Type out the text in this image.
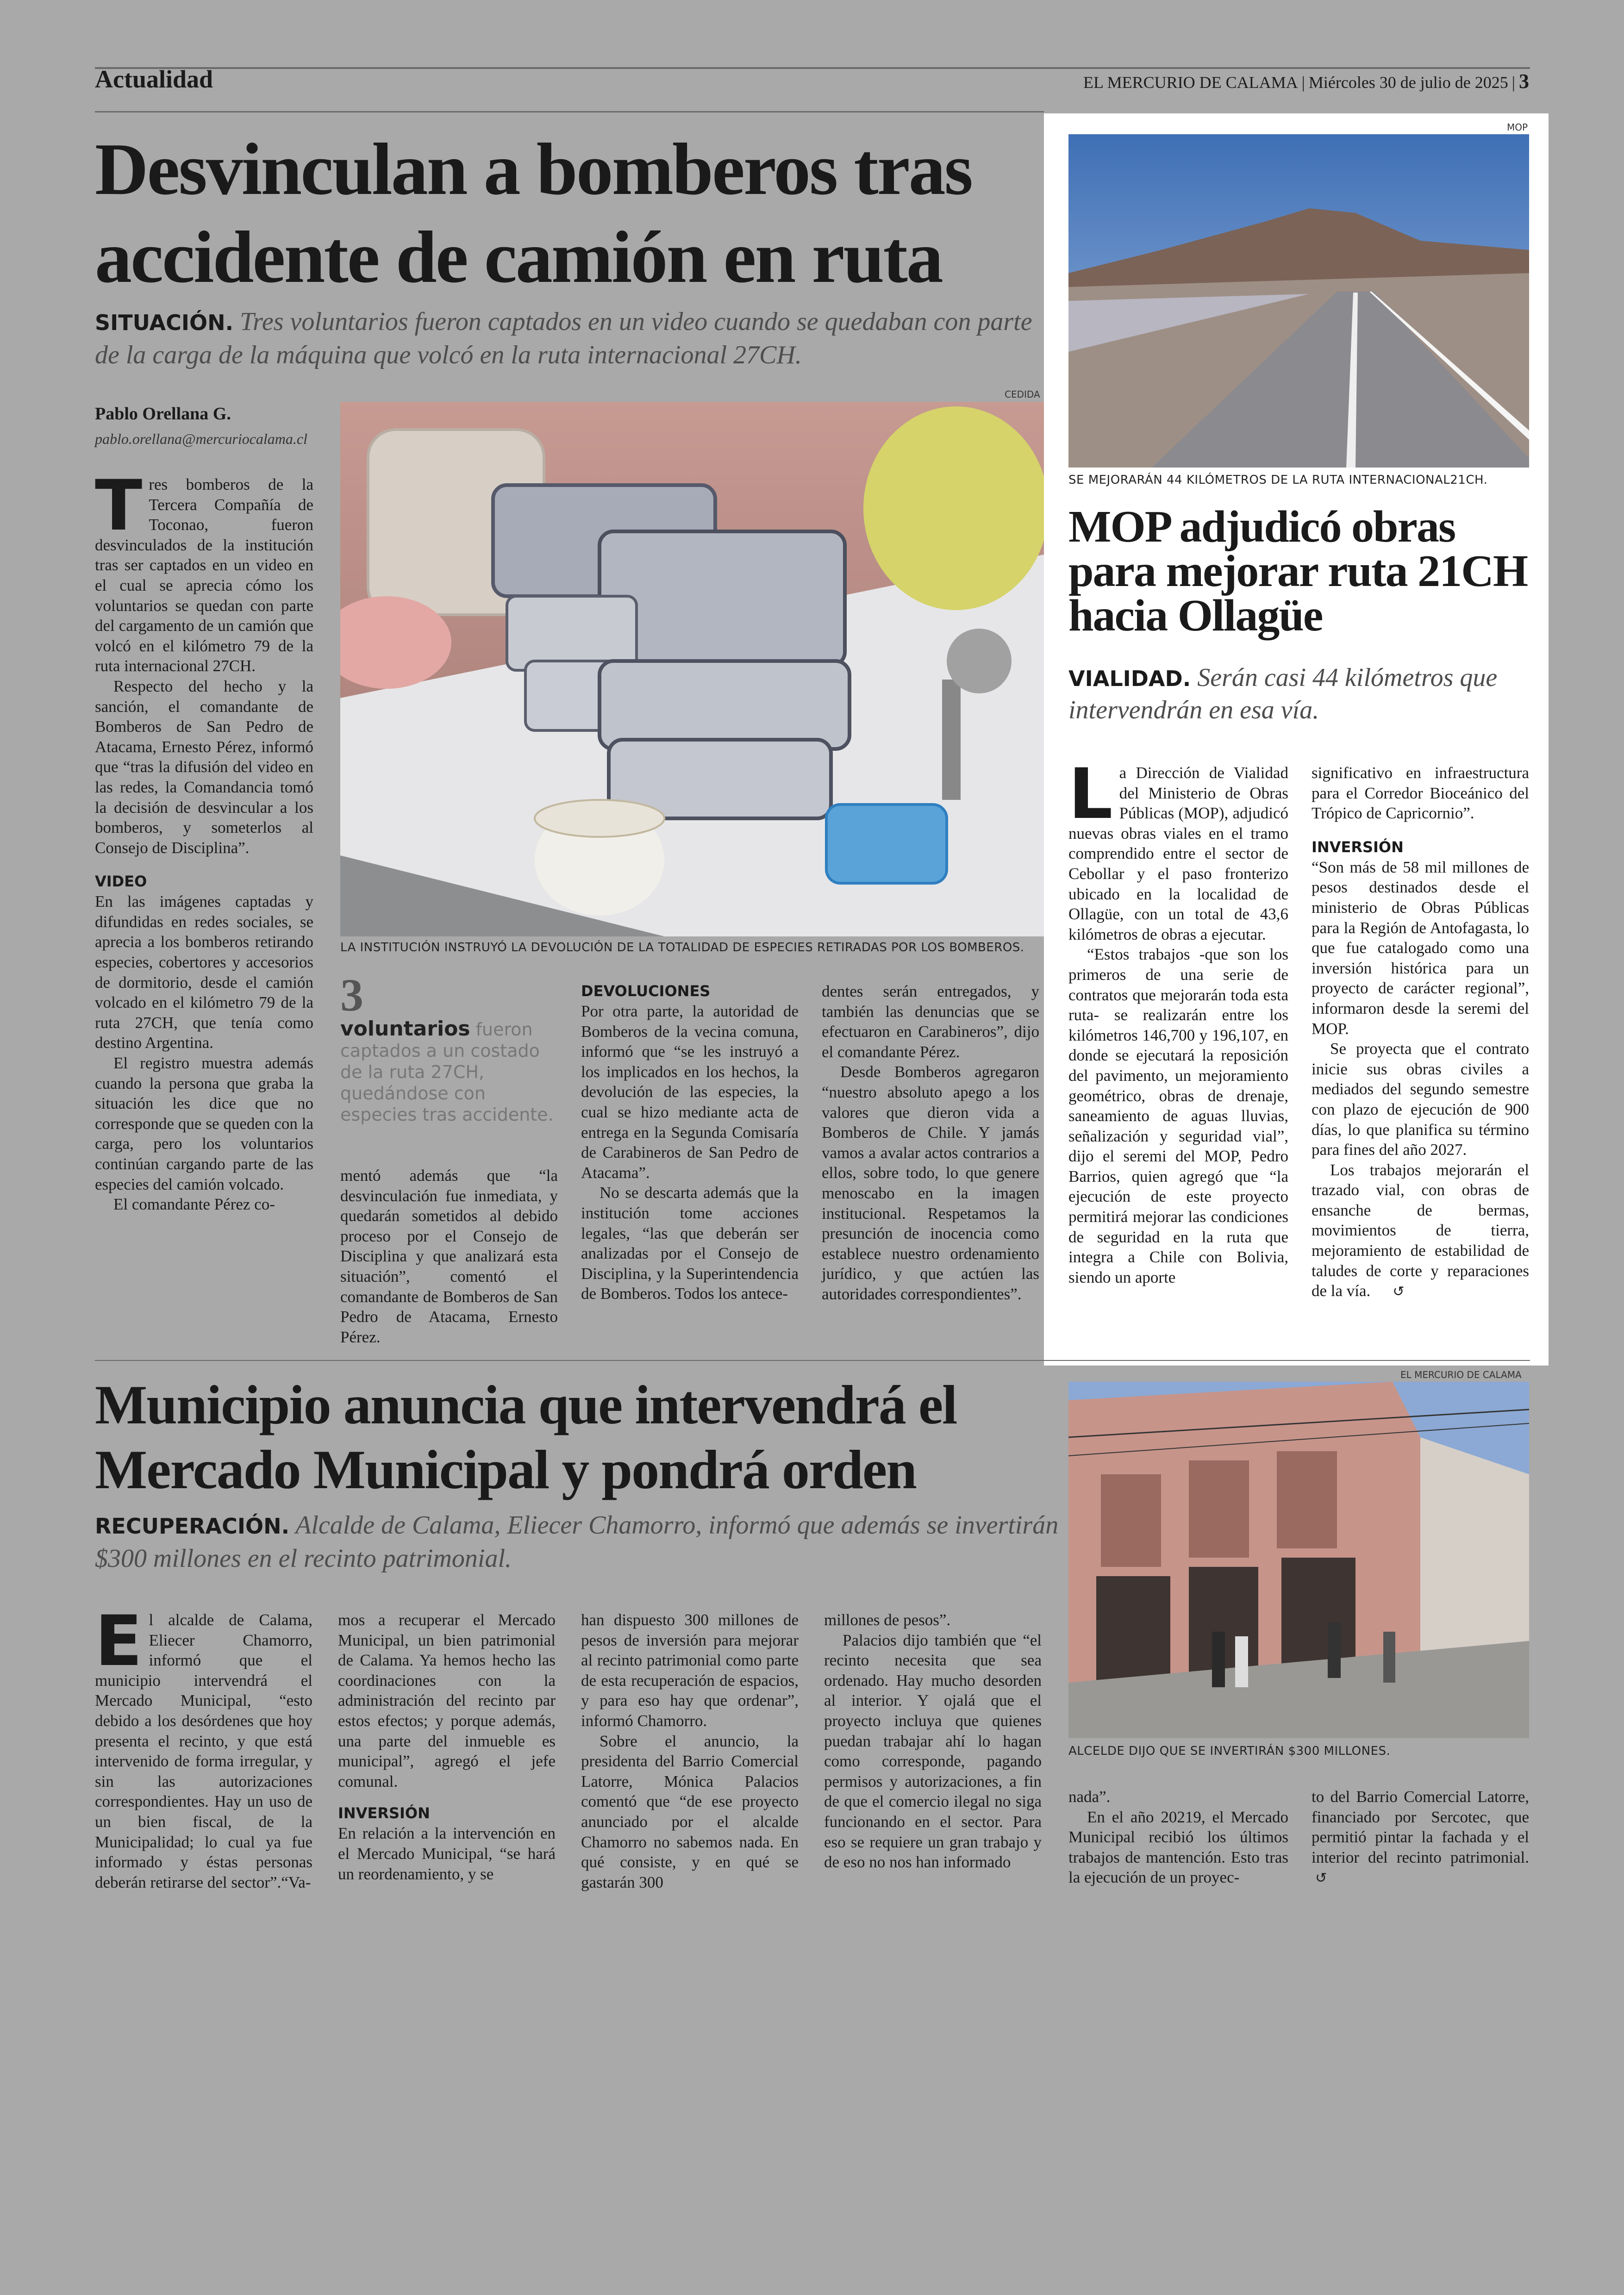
Actualidad	EL MERCURIO DE CALAMA | Miércoles 30 de julio de 2025 | 3
Desvinculan a bomberos tras
accidente de camión en ruta
SITUACIÓN. Tres voluntarios fueron captados en un video cuando se quedaban con parte de la carga de la máquina que volcó en la ruta internacional 27CH.
Pablo Orellana G.
pablo.orellana@mercuriocalama.cl
CEDIDA
LA INSTITUCIÓN INSTRUYÓ LA DEVOLUCIÓN DE LA TOTALIDAD DE ESPECIES RETIRADAS POR LOS BOMBEROS.

Tres bomberos de la Tercera Compañía de Toconao, fueron desvinculados de la institución tras ser captados en un video en el cual se aprecia cómo los voluntarios se quedan con parte del cargamento de un camión que volcó en el kilómetro 79 de la ruta internacional 27CH.

Respecto del hecho y la sanción, el comandante de Bomberos de San Pedro de Atacama, Ernesto Pérez, informó que “tras la difusión del video en las redes, la Comandancia tomó la decisión de desvincular a los bomberos, y someterlos al Consejo de Disciplina”.

VIDEO

En las imágenes captadas y difundidas en redes sociales, se aprecia a los bomberos retirando especies, cobertores y accesorios de dormitorio, desde el camión volcado en el kilómetro 79 de la ruta 27CH, que tenía como destino Argentina.

El registro muestra además cuando la persona que graba la situación les dice que no corresponde que se queden con la carga, pero los voluntarios continúan cargando parte de las especies del camión volcado.

El comandante Pérez co-

3
voluntarios fueron captados a un costado de la ruta 27CH, quedándose con especies tras accidente.

mentó además que “la desvinculación fue inmediata, y quedarán sometidos al debido proceso por el Consejo de Disciplina y que analizará esta situación”, comentó el comandante de Bomberos de San Pedro de Atacama, Ernesto Pérez.

DEVOLUCIONES

Por otra parte, la autoridad de Bomberos de la vecina comuna, informó que “se les instruyó a los implicados en los hechos, la devolución de las especies, la cual se hizo mediante acta de entrega en la Segunda Comisaría de Carabineros de San Pedro de Atacama”.

No se descarta además que la institución tome acciones legales, “las que deberán ser analizadas por el Consejo de Disciplina, y la Superintendencia de Bomberos. Todos los antece-

dentes serán entregados, y también las denuncias que se efectuaron en Carabineros”, dijo el comandante Pérez.

Desde Bomberos agregaron “nuestro absoluto apego a los valores que dieron vida a Bomberos de Chile. Y jamás vamos a avalar actos contrarios a ellos, sobre todo, lo que genere menoscabo en la imagen institucional. Respetamos la presunción de inocencia como establece nuestro ordenamiento jurídico, y que actúen las autoridades correspondientes”.

MOP
SE MEJORARÁN 44 KILÓMETROS DE LA RUTA INTERNACIONAL21CH.
MOP adjudicó obras
para mejorar ruta 21CH
hacia Ollagüe
VIALIDAD. Serán casi 44 kilómetros que intervendrán en esa vía.

La Dirección de Vialidad del Ministerio de Obras Públicas (MOP), adjudicó nuevas obras viales en el tramo comprendido entre el sector de Cebollar y el paso fronterizo ubicado en la localidad de Ollagüe, con un total de 43,6 kilómetros de obras a ejecutar.

“Estos trabajos -que son los primeros de una serie de contratos que mejorarán toda esta ruta- se realizarán entre los kilómetros 146,700 y 196,107, en donde se ejecutará la reposición del pavimento, un mejoramiento geométrico, obras de drenaje, saneamiento de aguas lluvias, señalización y seguridad vial”, dijo el seremi del MOP, Pedro Barrios, quien agregó que “la ejecución de este proyecto permitirá mejorar las condiciones de seguridad en la ruta que integra a Chile con Bolivia, siendo un aporte

significativo en infraestructura para el Corredor Bioceánico del Trópico de Capricornio”.

INVERSIÓN

“Son más de 58 mil millones de pesos destinados desde el ministerio de Obras Públicas para la Región de Antofagasta, lo que fue catalogado como una inversión histórica para un proyecto de carácter regional”, informaron desde la seremi del MOP.

Se proyecta que el contrato inicie sus obras civiles a mediados del segundo semestre con plazo de ejecución de 900 días, lo que planifica su término para fines del año 2027.

Los trabajos mejorarán el trazado vial, con obras de ensanche de bermas, movimientos de tierra, mejoramiento de estabilidad de taludes de corte y reparaciones de la vía. ↺

Municipio anuncia que intervendrá el
Mercado Municipal y pondrá orden
RECUPERACIÓN. Alcalde de Calama, Eliecer Chamorro, informó que además se invertirán $300 millones en el recinto patrimonial.
EL MERCURIO DE CALAMA
ALCELDE DIJO QUE SE INVERTIRÁN $300 MILLONES.

El alcalde de Calama, Eliecer Chamorro, informó que el municipio intervendrá el Mercado Municipal, “esto debido a los desórdenes que hoy presenta el recinto, y que está intervenido de forma irregular, y sin las autorizaciones correspondientes. Hay un uso de un bien fiscal, de la Municipalidad; lo cual ya fue informado y éstas personas deberán retirarse del sector”.“Va-

mos a recuperar el Mercado Municipal, un bien patrimonial de Calama. Ya hemos hecho las coordinaciones con la administración del recinto par estos efectos; y porque además, una parte del inmueble es municipal”, agregó el jefe comunal.

INVERSIÓN

En relación a la intervención en el Mercado Municipal, “se hará un reordenamiento, y se

han dispuesto 300 millones de pesos de inversión para mejorar al recinto patrimonial como parte de esta recuperación de espacios, y para eso hay que ordenar”, informó Chamorro.

Sobre el anuncio, la presidenta del Barrio Comercial Latorre, Mónica Palacios comentó que “de ese proyecto anunciado por el alcalde Chamorro no sabemos nada. En qué consiste, y en qué se gastarán 300

millones de pesos”.

Palacios dijo también que “el recinto necesita que sea ordenado. Hay mucho desorden al interior. Y ojalá que el proyecto incluya que quienes puedan trabajar ahí lo hagan como corresponde, pagando permisos y autorizaciones, a fin de que el comercio ilegal no siga funcionando en el sector. Para eso se requiere un gran trabajo y de eso no nos han informado

nada”.

En el año 20219, el Mercado Municipal recibió los últimos trabajos de mantención. Esto tras la ejecución de un proyec-

to del Barrio Comercial Latorre, financiado por Sercotec, que permitió pintar la fachada y el interior del recinto patrimonial.↺
